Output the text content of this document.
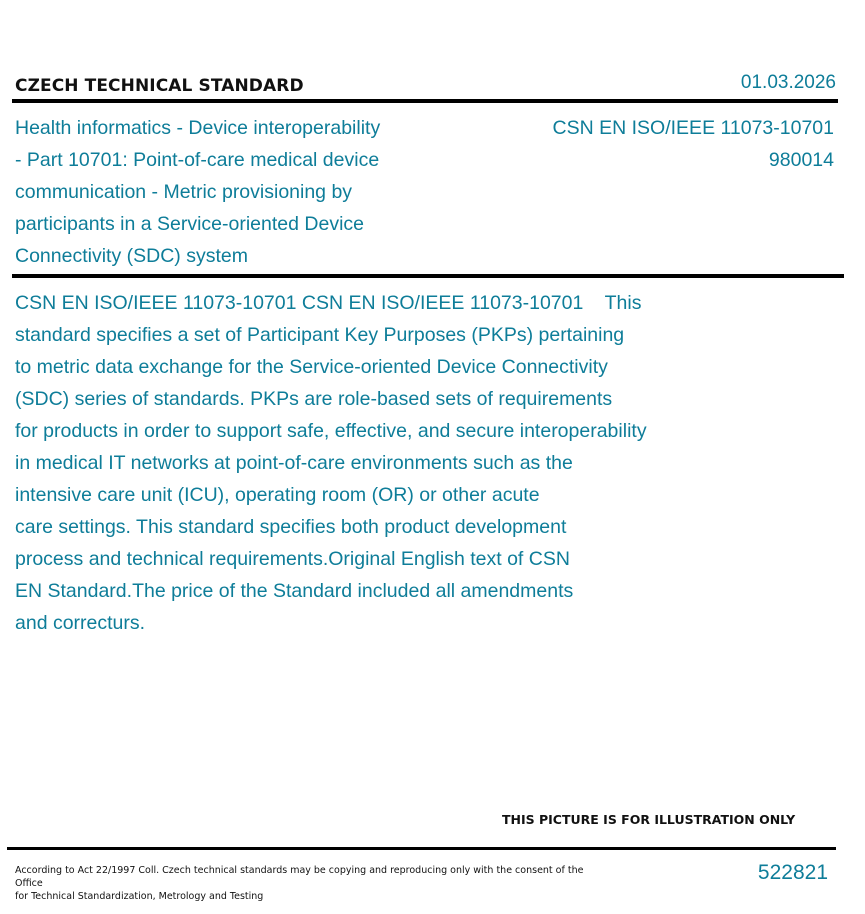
CZECH TECHNICAL STANDARD	01.03.2026
Health informatics - Device interoperability
- Part 10701: Point-of-care medical device
communication - Metric provisioning by
participants in a Service-oriented Device
Connectivity (SDC) system
CSN EN ISO/IEEE 11073-10701
980014
CSN EN ISO/IEEE 11073-10701 CSN EN ISO/IEEE 11073-10701    This
standard specifies a set of Participant Key Purposes (PKPs) pertaining
to metric data exchange for the Service-oriented Device Connectivity
(SDC) series of standards. PKPs are role-based sets of requirements
for products in order to support safe, effective, and secure interoperability
in medical IT networks at point-of-care environments such as the
intensive care unit (ICU), operating room (OR) or other acute
care settings. This standard specifies both product development
process and technical requirements.Original English text of CSN
EN Standard.The price of the Standard included all amendments
and correcturs.
THIS PICTURE IS FOR ILLUSTRATION ONLY
According to Act 22/1997 Coll. Czech technical standards may be copying and reproducing only with the consent of the Office
for Technical Standardization, Metrology and Testing
522821
